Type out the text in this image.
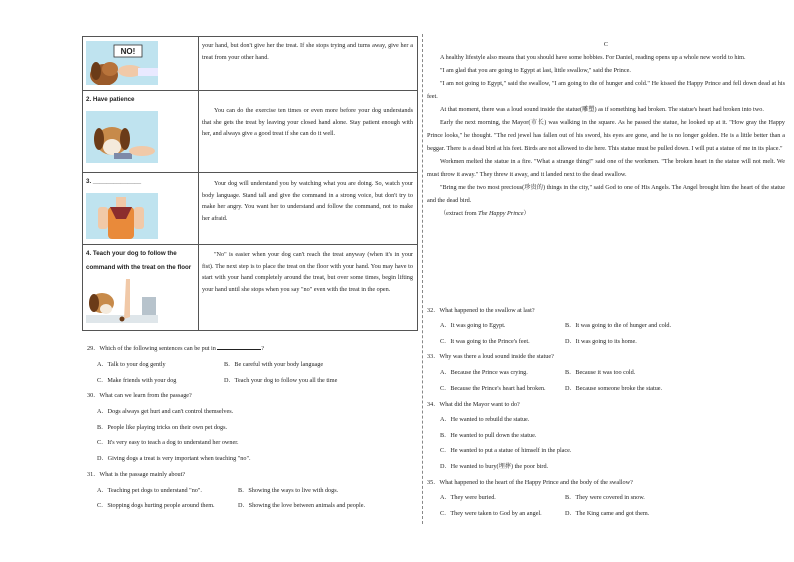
NO!	your hand, but don't give her the treat. If she stops trying and turns away, give her a treat from your other hand.

2. Have patience	You can do the exercise ten times or even more before your dog understands that she gets the treat by leaving your closed hand alone. Stay patient enough with her, and always give a good treat if she can do it well.

3. ______________	Your dog will understand you by watching what you are doing. So, watch your body language. Stand tall and give the command in a strong voice, but don't try to make her angry. You want her to understand and follow the command, not to make her afraid.

4. Teach your dog to follow the command with the treat on the floor	"No" is easier when your dog can't reach the treat anyway (when it's in your fist). The next step is to place the treat on the floor with your hand. You may have to start with your hand completely around the treat, but over some times, begin lifting your hand until she stops when you say "no" even with the treat in the open.
29．Which of the following sentences can be put in	?
A．Talk to your dog gently	B．Be careful with your body language
C．Make friends with your dog	D．Teach your dog to follow you all the time
30．What can we learn from the passage?
A．Dogs always get hurt and can't control themselves.
B．People like playing tricks on their own pet dogs.
C．It's very easy to teach a dog to understand her owner.
D．Giving dogs a treat is very important when teaching "no".
31．What is the passage mainly about?
A．Teaching pet dogs to understand "no".	B．Showing the ways to live with dogs.
C．Stopping dogs hurting people around them.	D．Showing the love between animals and people.

C

A healthy lifestyle also means that you should have some hobbies. For Daniel, reading opens up a whole new world to him.

"I am glad that you are going to Egypt at last, little swallow," said the Prince.

"I am not going to Egypt," said the swallow, "I am going to die of hunger and cold." He kissed the Happy Prince and fell down dead at his feet.

At that moment, there was a loud sound inside the statue(雕塑) as if something had broken. The statue's heart had broken into two.

Early the next morning, the Mayor(市长) was walking in the square. As he passed the statue, he looked up at it. "How gray the Happy Prince looks," he thought. "The red jewel has fallen out of his sword, his eyes are gone, and he is no longer golden. He is a little better than a beggar. There is a dead bird at his feet. Birds are not allowed to die here. This statue must be pulled down. I will put a statue of me in its place."

Workmen melted the statue in a fire. "What a strange thing!" said one of the workmen. "The broken heart in the statue will not melt. We must throw it away." They threw it away, and it landed next to the dead swallow.

"Bring me the two most precious(珍贵的) things in the city," said God to one of His Angels. The Angel brought him the heart of the statue and the dead bird.

（extract from The Happy Prince）

32．What happened to the swallow at last?
A．It was going to Egypt.	B．It was going to die of hunger and cold.
C．It was going to the Prince's feet.	D．It was going to its home.
33．Why was there a loud sound inside the statue?
A．Because the Prince was crying.	B．Because it was too cold.
C．Because the Prince's heart had broken.	D．Because someone broke the statue.
34．What did the Mayor want to do?
A．He wanted to rebuild the statue.
B．He wanted to pull down the statue.
C．He wanted to put a statue of himself in the place.
D．He wanted to bury(埋葬) the poor bird.
35．What happened to the heart of the Happy Prince and the body of the swallow?
A．They were buried.	B．They were covered in snow.
C．They were taken to God by an angel.	D．The King came and got them.
